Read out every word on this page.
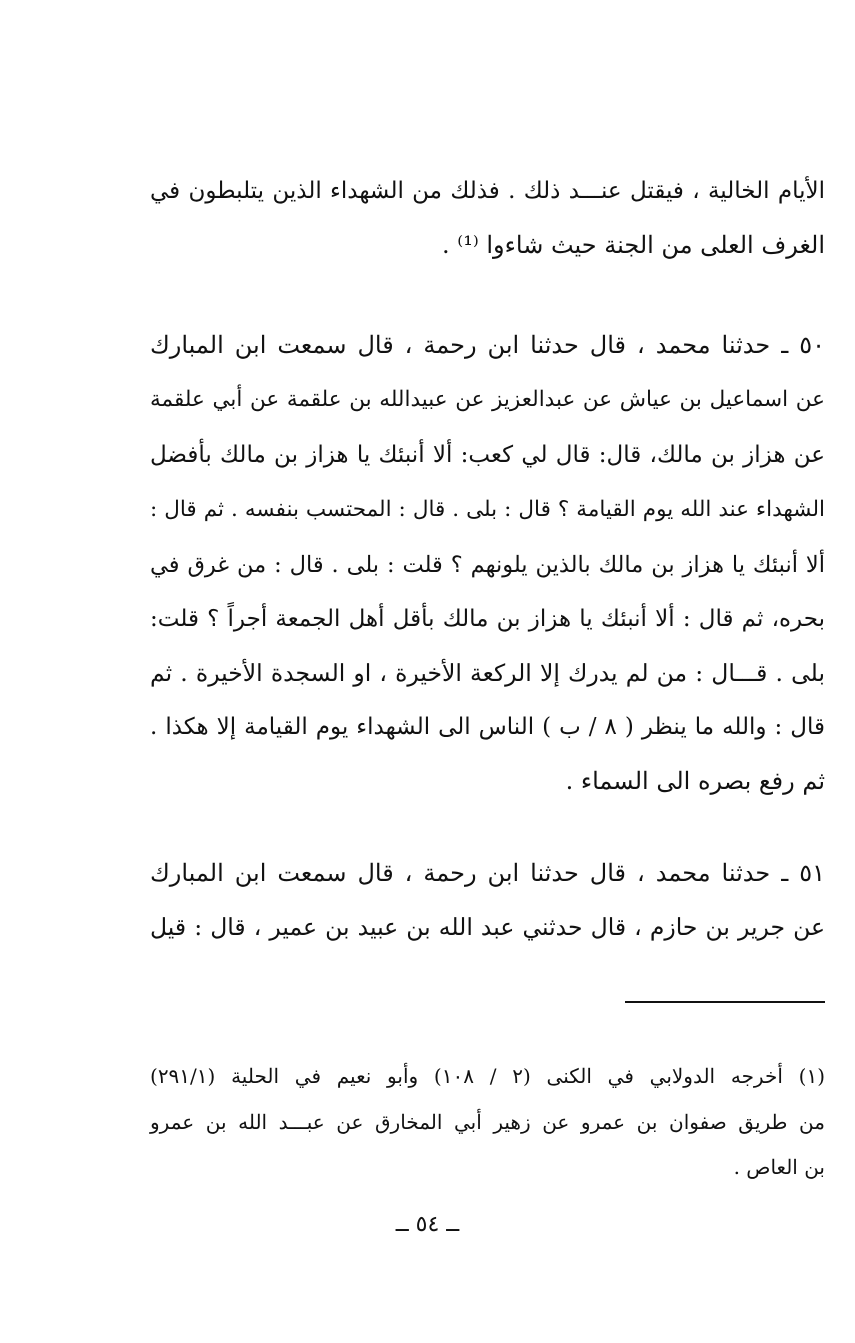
الأيام الخالية ، فيقتل عنـــد ذلك . فذلك من الشهداء الذين يتلبطون في
الغرف العلى من الجنة حيث شاءوا ⁽¹⁾ .
٥٠ ـ حدثنا محمد ، قال حدثنا ابن رحمة ، قال سمعت ابن المبارك
عن اسماعيل بن عياش عن عبدالعزيز عن عبيدالله بن علقمة عن أبي علقمة
عن هزاز بن مالك، قال: قال لي كعب: ألا أنبئك يا هزاز بن مالك بأفضل
الشهداء عند الله يوم القيامة ؟ قال : بلى . قال : المحتسب بنفسه . ثم قال :
ألا أنبئك يا هزاز بن مالك بالذين يلونهم ؟ قلت : بلى . قال : من غرق في
بحره، ثم قال : ألا أنبئك يا هزاز بن مالك بأقل أهل الجمعة أجراً ؟ قلت:
بلى . قـــال : من لم يدرك إلا الركعة الأخيرة ، او السجدة الأخيرة . ثم
قال : والله ما ينظر ( ٨ / ب ) الناس الى الشهداء يوم القيامة إلا هكذا .
ثم رفع بصره الى السماء .
٥١ ـ حدثنا محمد ، قال حدثنا ابن رحمة ، قال سمعت ابن المبارك
عن جرير بن حازم ، قال حدثني عبد الله بن عبيد بن عمير ، قال : قيل
(١) أخرجه الدولابي في الكنى (٢ / ١٠٨) وأبو نعيم في الحلية (٢٩١/١)
من طريق صفوان بن عمرو عن زهير أبي المخارق عن عبـــد الله بن عمرو
بن العاص .
ــ ٥٤ ــ
